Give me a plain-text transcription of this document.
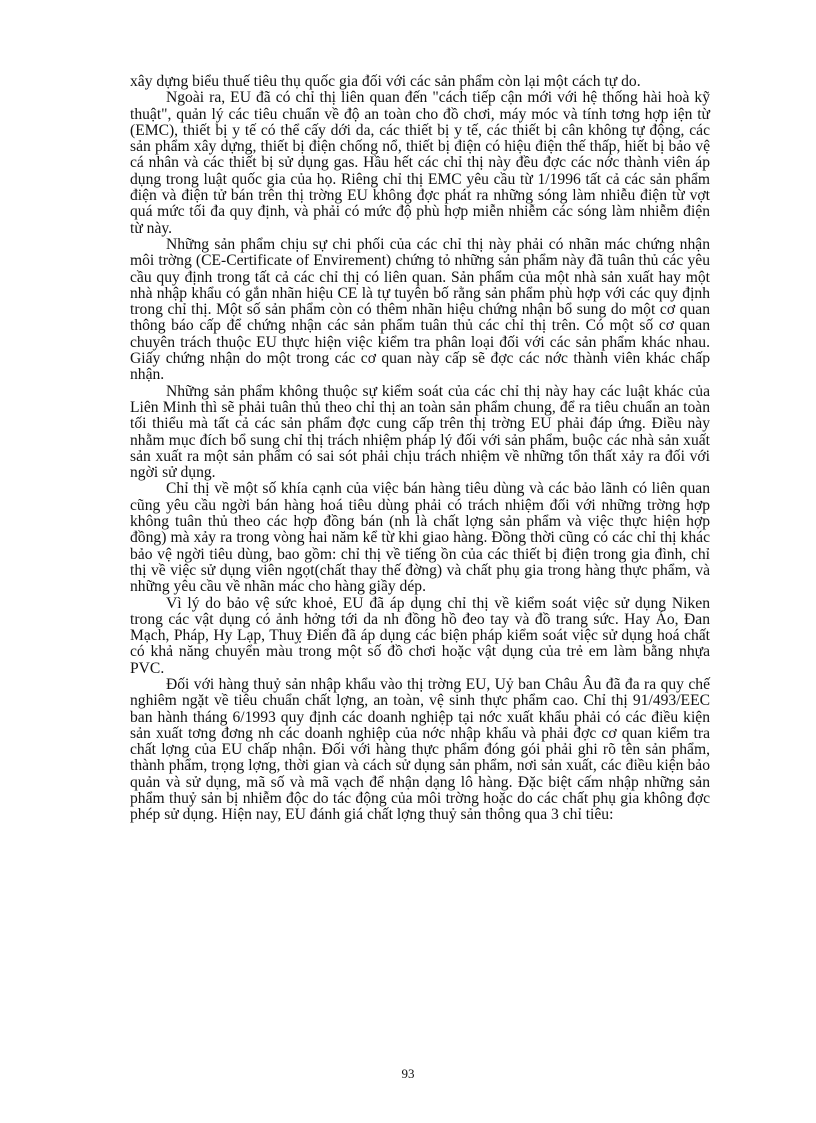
xây dựng biểu thuế tiêu thụ quốc gia đối với các sản phẩm còn lại một cách tự do.

Ngoài ra, EU đã có chỉ thị liên quan đến "cách tiếp cận mới với hệ thống hài hoà kỹ thuật", quản lý các tiêu chuẩn về độ an toàn cho đồ chơi, máy móc và tính tơng hợp iện từ (EMC), thiết bị y tế có thể cấy dới da, các thiết bị y tế, các thiết bị cân không tự động, các sản phẩm xây dựng, thiết bị điện chống nổ, thiết bị điện có hiệu điện thế thấp, hiết bị bảo vệ cá nhân và các thiết bị sử dụng gas. Hầu hết các chỉ thị này đều đợc các nớc thành viên áp dụng trong luật quốc gia của họ. Riêng chỉ thị EMC yêu cầu từ 1/1996 tất cả các sản phẩm điện và điện tử bán trên thị trờng EU không đợc phát ra những sóng làm nhiễu điện từ vợt quá mức tối đa quy định, và phải có mức độ phù hợp miễn nhiễm các sóng làm nhiễm điện từ này.

Những sản phẩm chịu sự chi phối của các chỉ thị này phải có nhãn mác chứng nhận môi trờng (CE-Certificate of Envirement) chứng tỏ những sản phẩm này đã tuân thủ các yêu cầu quy định trong tất cả các chỉ thị có liên quan. Sản phẩm của một nhà sản xuất hay một nhà nhập khẩu có gắn nhãn hiệu CE là tự tuyên bố rằng sản phẩm phù hợp với các quy định trong chỉ thị. Một số sản phẩm còn có thêm nhãn hiệu chứng nhận bổ sung do một cơ quan thông báo cấp để chứng nhận các sản phẩm tuân thủ các chỉ thị trên. Có một số cơ quan chuyên trách thuộc EU thực hiện việc kiểm tra phân loại đối với các sản phẩm khác nhau. Giấy chứng nhận do một trong các cơ quan này cấp sẽ đợc các nớc thành viên khác chấp nhận.

Những sản phẩm không thuộc sự kiểm soát của các chỉ thị này hay các luật khác của Liên Minh thì sẽ phải tuân thủ theo chỉ thị an toàn sản phẩm chung, để ra tiêu chuẩn an toàn tối thiểu mà tất cả các sản phẩm đợc cung cấp trên thị trờng EU phải đáp ứng. Điều này nhằm mục đích bổ sung chỉ thị trách nhiệm pháp lý đối với sản phẩm, buộc các nhà sản xuất sản xuất ra một sản phẩm có sai sót phải chịu trách nhiệm về những tổn thất xảy ra đối với ngời sử dụng.

Chỉ thị về một số khía cạnh của việc bán hàng tiêu dùng và các bảo lãnh có liên quan cũng yêu cầu ngời bán hàng hoá tiêu dùng phải có trách nhiệm đối với những trờng hợp không tuân thủ theo các hợp đồng bán (nh là chất lợng sản phẩm và việc thực hiện hợp đồng) mà xảy ra trong vòng hai năm kể từ khi giao hàng. Đồng thời cũng có các chỉ thị khác bảo vệ ngời tiêu dùng, bao gồm: chỉ thị về tiếng ồn của các thiết bị điện trong gia đình, chỉ thị về việc sử dụng viên ngọt(chất thay thế đờng) và chất phụ gia trong hàng thực phẩm, và những yêu cầu về nhãn mác cho hàng giầy dép.

Vì lý do bảo vệ sức khoẻ, EU đã áp dụng chỉ thị về kiểm soát việc sử dụng Niken trong các vật dụng có ảnh hởng tới da nh đồng hồ đeo tay và đồ trang sức. Hay Áo, Đan Mạch, Pháp, Hy Lạp, Thuỵ Điển đã áp dụng các biện pháp kiểm soát việc sử dụng hoá chất có khả năng chuyển màu trong một số đồ chơi hoặc vật dụng của trẻ em làm bằng nhựa PVC.

Đối với hàng thuỷ sản nhập khẩu vào thị trờng EU, Uỷ ban Châu Âu đã đa ra quy chế nghiêm ngặt về tiêu chuẩn chất lợng, an toàn, vệ sinh thực phẩm cao. Chỉ thị 91/493/EEC ban hành tháng 6/1993 quy định các doanh nghiệp tại nớc xuất khẩu phải có các điều kiện sản xuất tơng đơng nh các doanh nghiệp của nớc nhập khẩu và phải đợc cơ quan kiểm tra chất lợng của EU chấp nhận. Đối với hàng thực phẩm đóng gói phải ghi rõ tên sản phẩm, thành phẩm, trọng lợng, thời gian và cách sử dụng sản phẩm, nơi sản xuất, các điều kiện bảo quản và sử dụng, mã số và mã vạch để nhận dạng lô hàng. Đặc biệt cấm nhập những sản phẩm thuỷ sản bị nhiễm độc do tác động của môi trờng hoặc do các chất phụ gia không đợc phép sử dụng. Hiện nay, EU đánh giá chất lợng thuỷ sản thông qua 3 chỉ tiêu:

93
